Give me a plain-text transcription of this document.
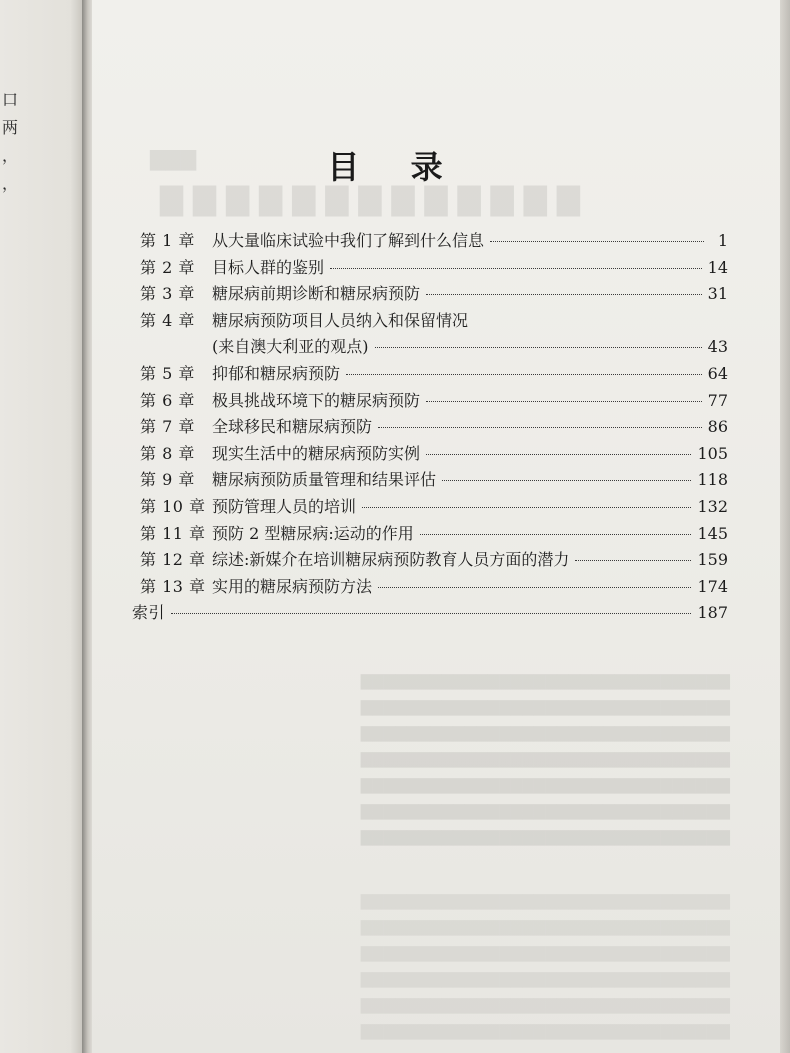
口
两
，
，
▇▇▇▇▇▇▇▇▇▇▇▇▇
▇▇▇
▇▇▇▇▇▇▇▇▇▇▇▇▇▇▇▇▇▇▇▇▇▇▇▇▇▇▇▇▇▇▇▇
▇▇▇▇▇▇▇▇▇▇▇▇▇▇▇▇▇▇▇▇▇▇▇▇▇▇▇▇▇▇▇▇
▇▇▇▇▇▇▇▇▇▇▇▇▇▇▇▇▇▇▇▇▇▇▇▇▇▇▇▇▇▇▇▇
▇▇▇▇▇▇▇▇▇▇▇▇▇▇▇▇▇▇▇▇▇▇▇▇▇▇▇▇▇▇▇▇
▇▇▇▇▇▇▇▇▇▇▇▇▇▇▇▇▇▇▇▇▇▇▇▇▇▇▇▇▇▇▇▇
▇▇▇▇▇▇▇▇▇▇▇▇▇▇▇▇▇▇▇▇▇▇▇▇▇▇▇▇▇▇▇▇
▇▇▇▇▇▇▇▇▇▇▇▇▇▇▇▇▇▇▇▇▇▇▇▇▇▇▇▇▇▇▇▇
▇▇▇▇▇▇▇▇▇▇▇▇▇▇▇▇▇▇▇▇▇▇▇▇▇▇▇▇▇▇▇▇
▇▇▇▇▇▇▇▇▇▇▇▇▇▇▇▇▇▇▇▇▇▇▇▇▇▇▇▇▇▇▇▇
▇▇▇▇▇▇▇▇▇▇▇▇▇▇▇▇▇▇▇▇▇▇▇▇▇▇▇▇▇▇▇▇
▇▇▇▇▇▇▇▇▇▇▇▇▇▇▇▇▇▇▇▇▇▇▇▇▇▇▇▇▇▇▇▇
▇▇▇▇▇▇▇▇▇▇▇▇▇▇▇▇▇▇▇▇▇▇▇▇▇▇▇▇▇▇▇▇
▇▇▇▇▇▇▇▇▇▇▇▇▇▇▇▇▇▇▇▇▇▇▇▇▇▇▇▇▇▇▇▇
目 录
第 1 章	从大量临床试验中我们了解到什么信息	1
第 2 章	目标人群的鉴别	14
第 3 章	糖尿病前期诊断和糖尿病预防	31
第 4 章	糖尿病预防项目人员纳入和保留情况
(来自澳大利亚的观点)	43
第 5 章	抑郁和糖尿病预防	64
第 6 章	极具挑战环境下的糖尿病预防	77
第 7 章	全球移民和糖尿病预防	86
第 8 章	现实生活中的糖尿病预防实例	105
第 9 章	糖尿病预防质量管理和结果评估	118
第 10 章 预防管理人员的培训	132
第 11 章 预防 2 型糖尿病:运动的作用	145
第 12 章 综述:新媒介在培训糖尿病预防教育人员方面的潜力	159
第 13 章 实用的糖尿病预防方法	174
索引	187
